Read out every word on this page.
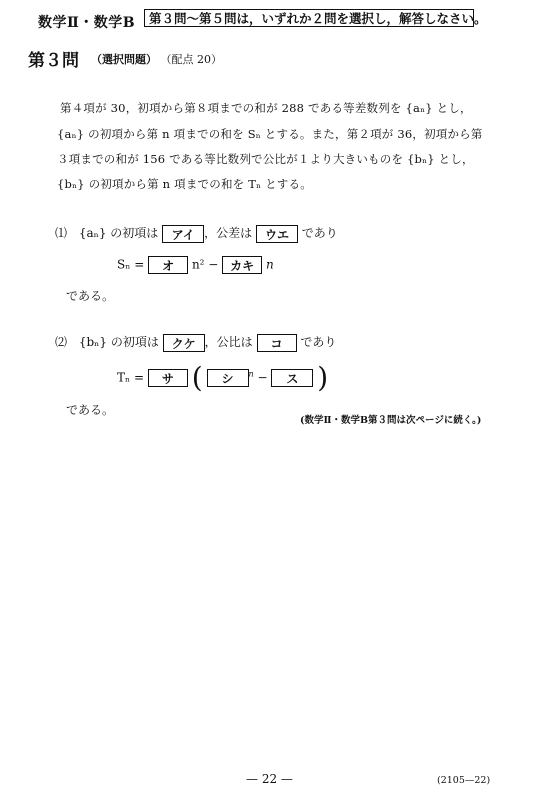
数学Ⅱ・数学B	第３問～第５問は，いずれか２問を選択し，解答しなさい。
第３問 （選択問題） （配点 20）
第４項が 30，初項から第８項までの和が 288 である等差数列を {aₙ} とし，
{aₙ} の初項から第 n 項までの和を Sₙ とする。また，第２項が 36，初項から第
３項までの和が 156 である等比数列で公比が１より大きいものを {bₙ} とし，
{bₙ} の初項から第 n 項までの和を Tₙ とする。
⑴ {aₙ} の初項は アイ ，公差は ウエ であり
Sₙ = オ n² − カキ n
である。
⑵ {bₙ} の初項は クケ ，公比は コ であり
Tₙ = サ ( シ $^n$ − ス )
である。
(数学Ⅱ・数学B第３問は次ページに続く。)
— 22 —	(2105—22)
